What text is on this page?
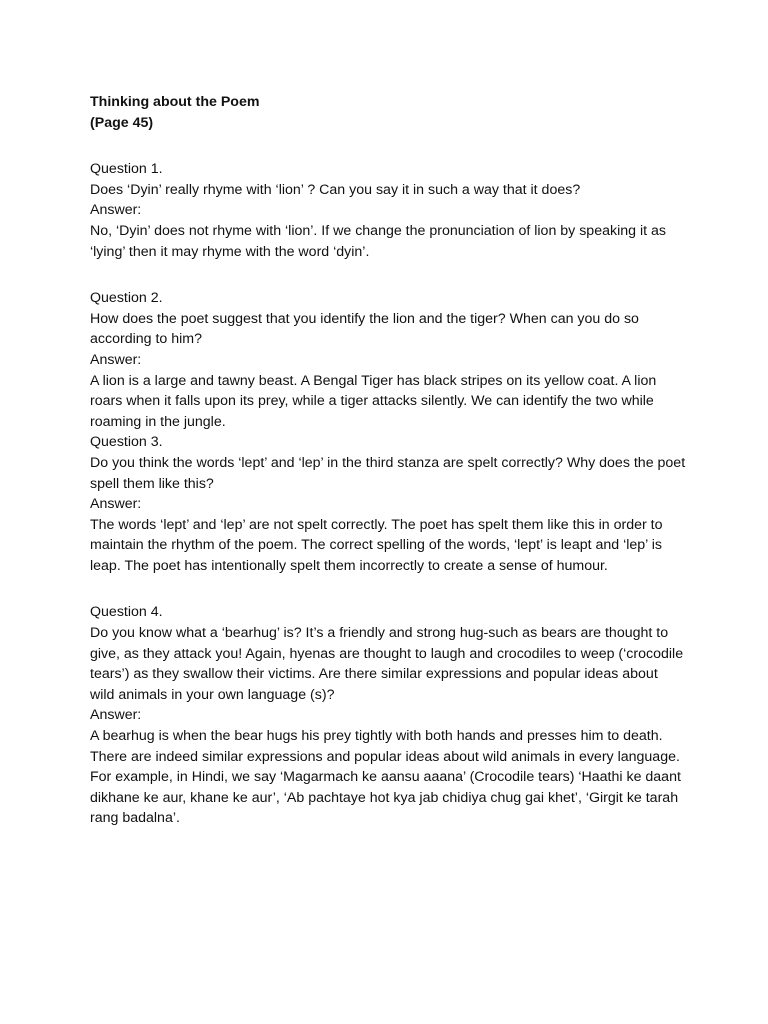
Thinking about the Poem

(Page 45)

Question 1.

Does ‘Dyin’ really rhyme with ‘lion’ ? Can you say it in such a way that it does?

Answer:

No, ‘Dyin’ does not rhyme with ‘lion’. If we change the pronunciation of lion by speaking it as ‘lying’ then it may rhyme with the word ‘dyin’.

Question 2.

How does the poet suggest that you identify the lion and the tiger? When can you do so according to him?

Answer:

A lion is a large and tawny beast. A Bengal Tiger has black stripes on its yellow coat. A lion roars when it falls upon its prey, while a tiger attacks silently. We can identify the two while roaming in the jungle.

Question 3.

Do you think the words ‘lept’ and ‘lep’ in the third stanza are spelt correctly? Why does the poet spell them like this?

Answer:

The words ‘lept’ and ‘lep’ are not spelt correctly. The poet has spelt them like this in order to maintain the rhythm of the poem. The correct spelling of the words, ‘lept’ is leapt and ‘lep’ is leap. The poet has intentionally spelt them incorrectly to create a sense of humour.

Question 4.

Do you know what a ‘bearhug’ is? It’s a friendly and strong hug-such as bears are thought to give, as they attack you! Again, hyenas are thought to laugh and crocodiles to weep (‘crocodile tears’) as they swallow their victims. Are there similar expressions and popular ideas about wild animals in your own language (s)?

Answer:

A bearhug is when the bear hugs his prey tightly with both hands and presses him to death.

There are indeed similar expressions and popular ideas about wild animals in every language. For example, in Hindi, we say ‘Magarmach ke aansu aaana’ (Crocodile tears) ‘Haathi ke daant dikhane ke aur, khane ke aur’, ‘Ab pachtaye hot kya jab chidiya chug gai khet’, ‘Girgit ke tarah rang badalna’.
